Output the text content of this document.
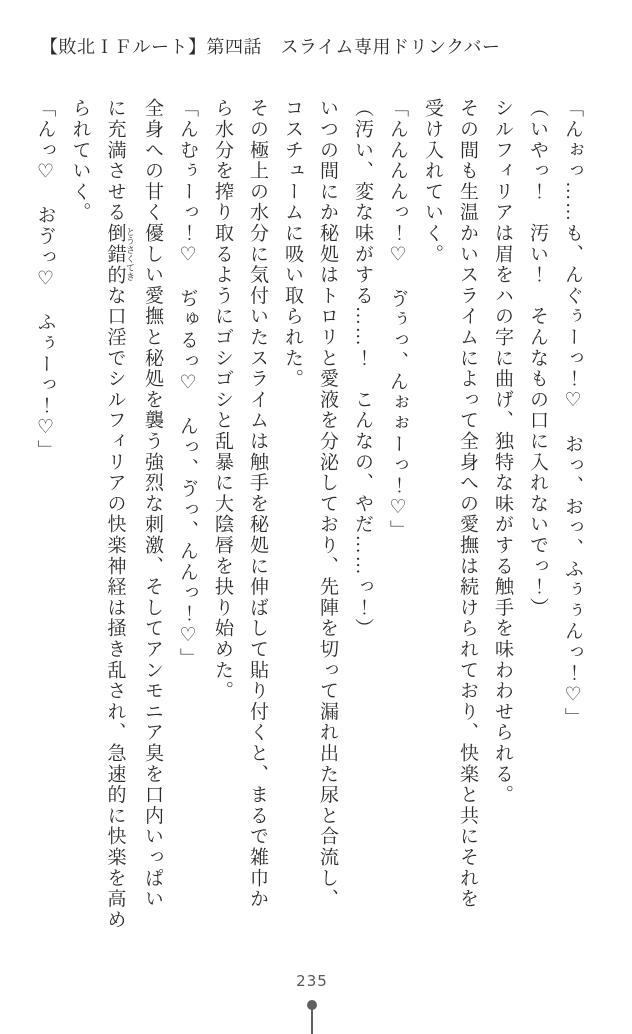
【敗北ＩＦルート】第四話　スライム専用ドリンクバー
「んぉっ……も、んぐぅーっ！♡　おっ、おっ、ふぅぅんっ！♡」
（いやっ！　汚い！　そんなもの口に入れないでっ！）
シルフィリアは眉をハの字に曲げ、独特な味がする触手を味わわせられる。
その間も生温かいスライムによって全身への愛撫は続けられており、快楽と共にそれを
受け入れていく。
「んんんんっ！♡　ゔぅっ、んぉぉーっ！♡」
（汚い、変な味がする……！　こんなの、やだ……っ！）
いつの間にか秘処はトロリと愛液を分泌しており、先陣を切って漏れ出た尿と合流し、
コスチュームに吸い取られた。
その極上の水分に気付いたスライムは触手を秘処に伸ばして貼り付くと、まるで雑巾か
ら水分を搾り取るようにゴシゴシと乱暴に大陰唇を抉り始めた。
「んむぅーっ！♡　ぢゅるっ♡　んっ、ゔっ、んんっ！♡」
全身への甘く優しい愛撫と秘処を襲う強烈な刺激、そしてアンモニア臭を口内いっぱい
に充満させる倒錯的 とうさくてきな口淫でシルフィリアの快楽神経は掻き乱され、急速的に快楽を高め
られていく。
「んっ♡　おゔっ♡　ふぅーっ！♡」
235
